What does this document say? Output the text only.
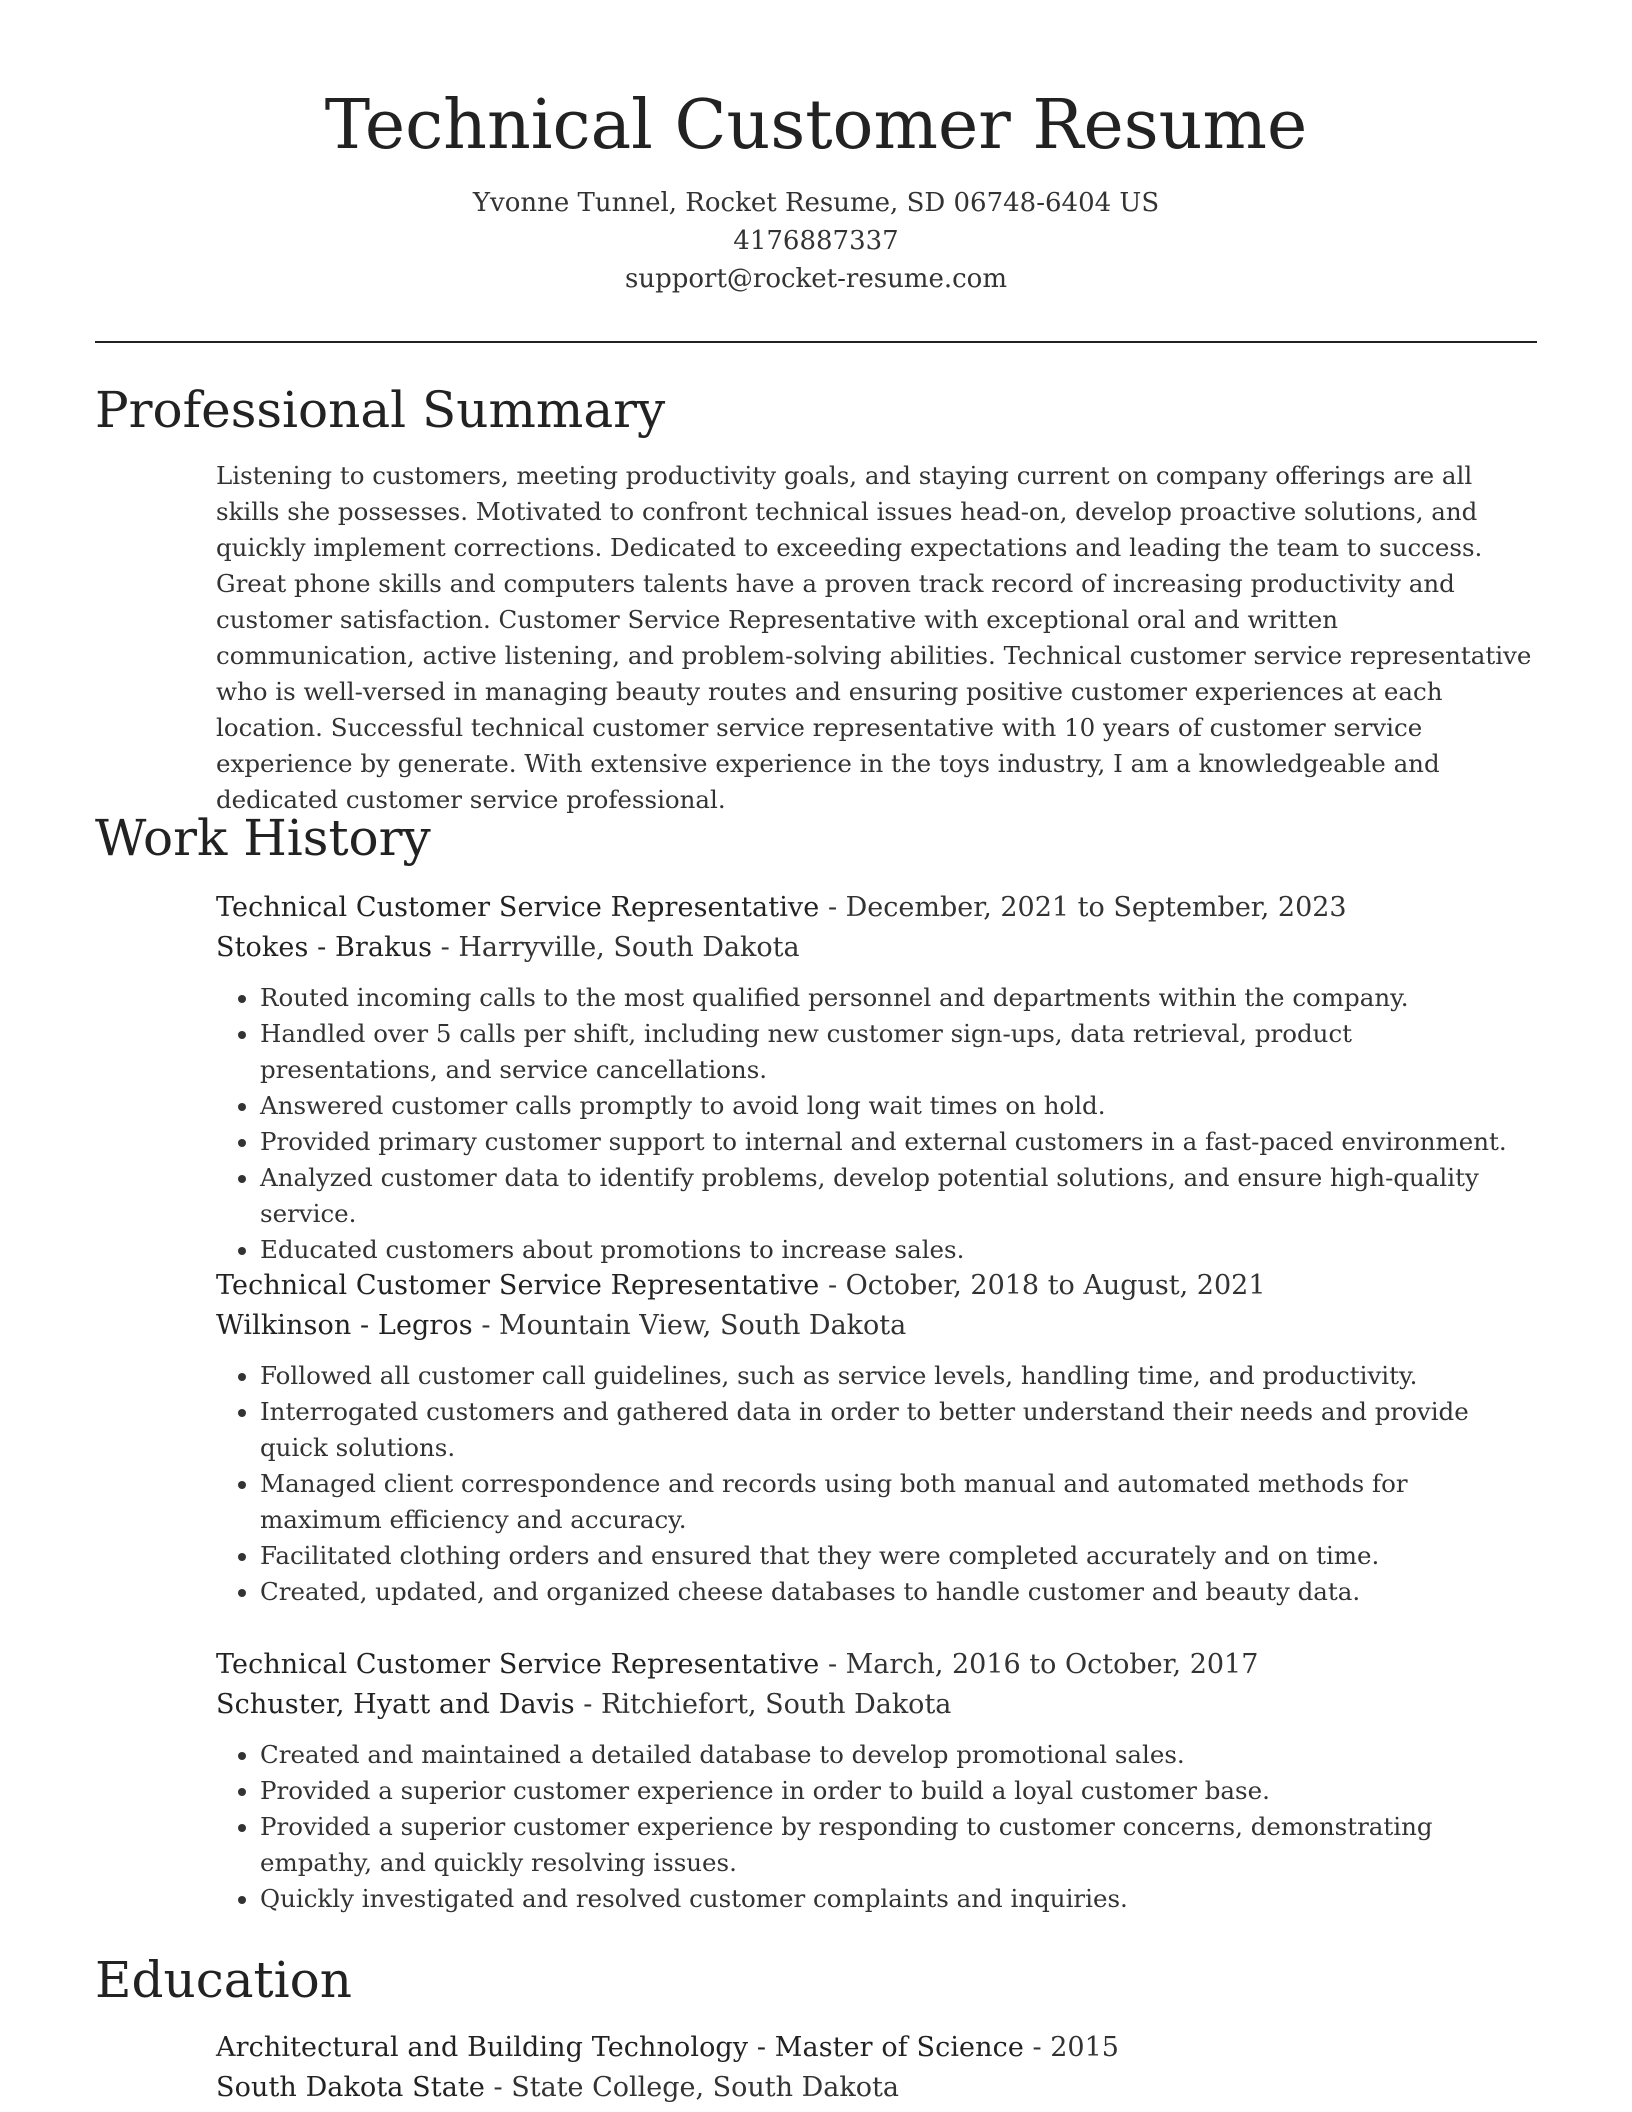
Technical Customer Resume
Yvonne Tunnel, Rocket Resume, SD 06748-6404 US
4176887337
support@rocket-resume.com
Professional Summary

Listening to customers, meeting productivity goals, and staying current on company offerings are all skills she possesses. Motivated to confront technical issues head-on, develop proactive solutions, and quickly implement corrections. Dedicated to exceeding expectations and leading the team to success. Great phone skills and computers talents have a proven track record of increasing productivity and customer satisfaction. Customer Service Representative with exceptional oral and written communication, active listening, and problem-solving abilities. Technical customer service representative who is well-versed in managing beauty routes and ensuring positive customer experiences at each location. Successful technical customer service representative with 10 years of customer service experience by generate. With extensive experience in the toys industry, I am a knowledgeable and dedicated customer service professional.

Work History
Technical Customer Service Representative - December, 2021 to September, 2023
Stokes - Brakus - Harryville, South Dakota
• Routed incoming calls to the most qualified personnel and departments within the company.
• Handled over 5 calls per shift, including new customer sign-ups, data retrieval, product presentations, and service cancellations.
• Answered customer calls promptly to avoid long wait times on hold.
• Provided primary customer support to internal and external customers in a fast-paced environment.
• Analyzed customer data to identify problems, develop potential solutions, and ensure high-quality service.
• Educated customers about promotions to increase sales.
Technical Customer Service Representative - October, 2018 to August, 2021
Wilkinson - Legros - Mountain View, South Dakota
• Followed all customer call guidelines, such as service levels, handling time, and productivity.
• Interrogated customers and gathered data in order to better understand their needs and provide quick solutions.
• Managed client correspondence and records using both manual and automated methods for maximum efficiency and accuracy.
• Facilitated clothing orders and ensured that they were completed accurately and on time.
• Created, updated, and organized cheese databases to handle customer and beauty data.
Technical Customer Service Representative - March, 2016 to October, 2017
Schuster, Hyatt and Davis - Ritchiefort, South Dakota
• Created and maintained a detailed database to develop promotional sales.
• Provided a superior customer experience in order to build a loyal customer base.
• Provided a superior customer experience by responding to customer concerns, demonstrating empathy, and quickly resolving issues.
• Quickly investigated and resolved customer complaints and inquiries.
Education
Architectural and Building Technology - Master of Science - 2015
South Dakota State - State College, South Dakota
